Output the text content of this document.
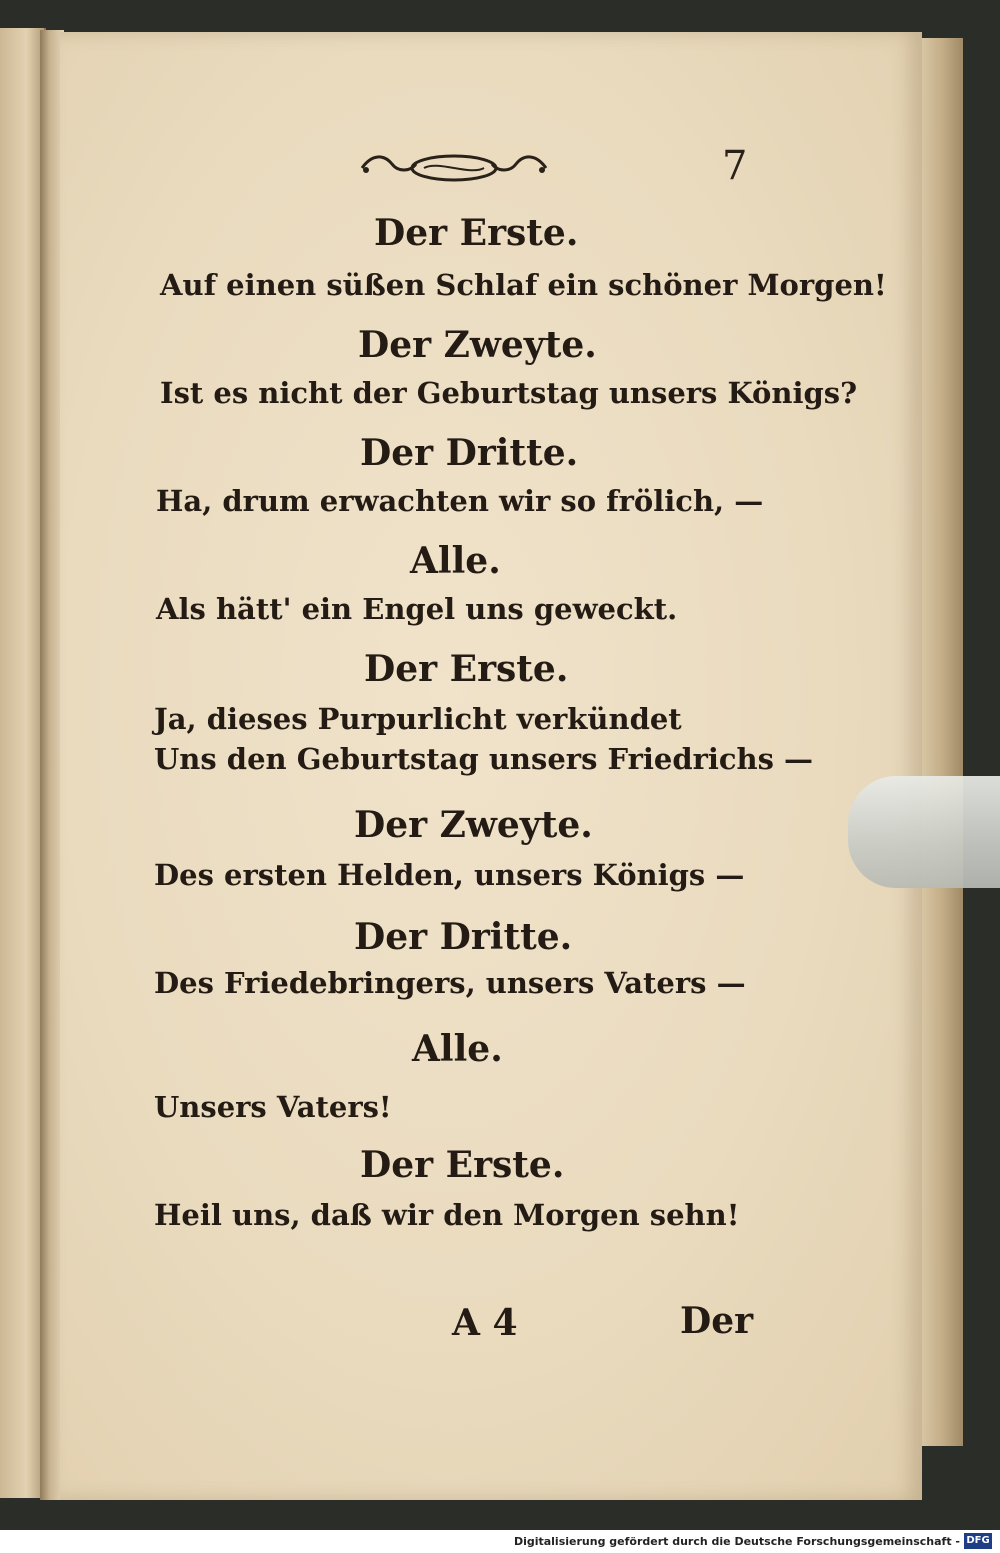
7
Der Erste.
Auf einen süßen Schlaf ein schöner Morgen!
Der Zweyte.
Ist es nicht der Geburtstag unsers Königs?
Der Dritte.
Ha, drum erwachten wir so frölich, —
Alle.
Als hätt' ein Engel uns geweckt.
Der Erste.
Ja, dieses Purpurlicht verkündet
Uns den Geburtstag unsers Friedrichs —
Der Zweyte.
Des ersten Helden, unsers Königs —
Der Dritte.
Des Friedebringers, unsers Vaters —
Alle.
Unsers Vaters!
Der Erste.
Heil uns, daß wir den Morgen sehn!
A 4	Der
Digitalisierung gefördert durch die Deutsche Forschungsgemeinschaft - DFG
